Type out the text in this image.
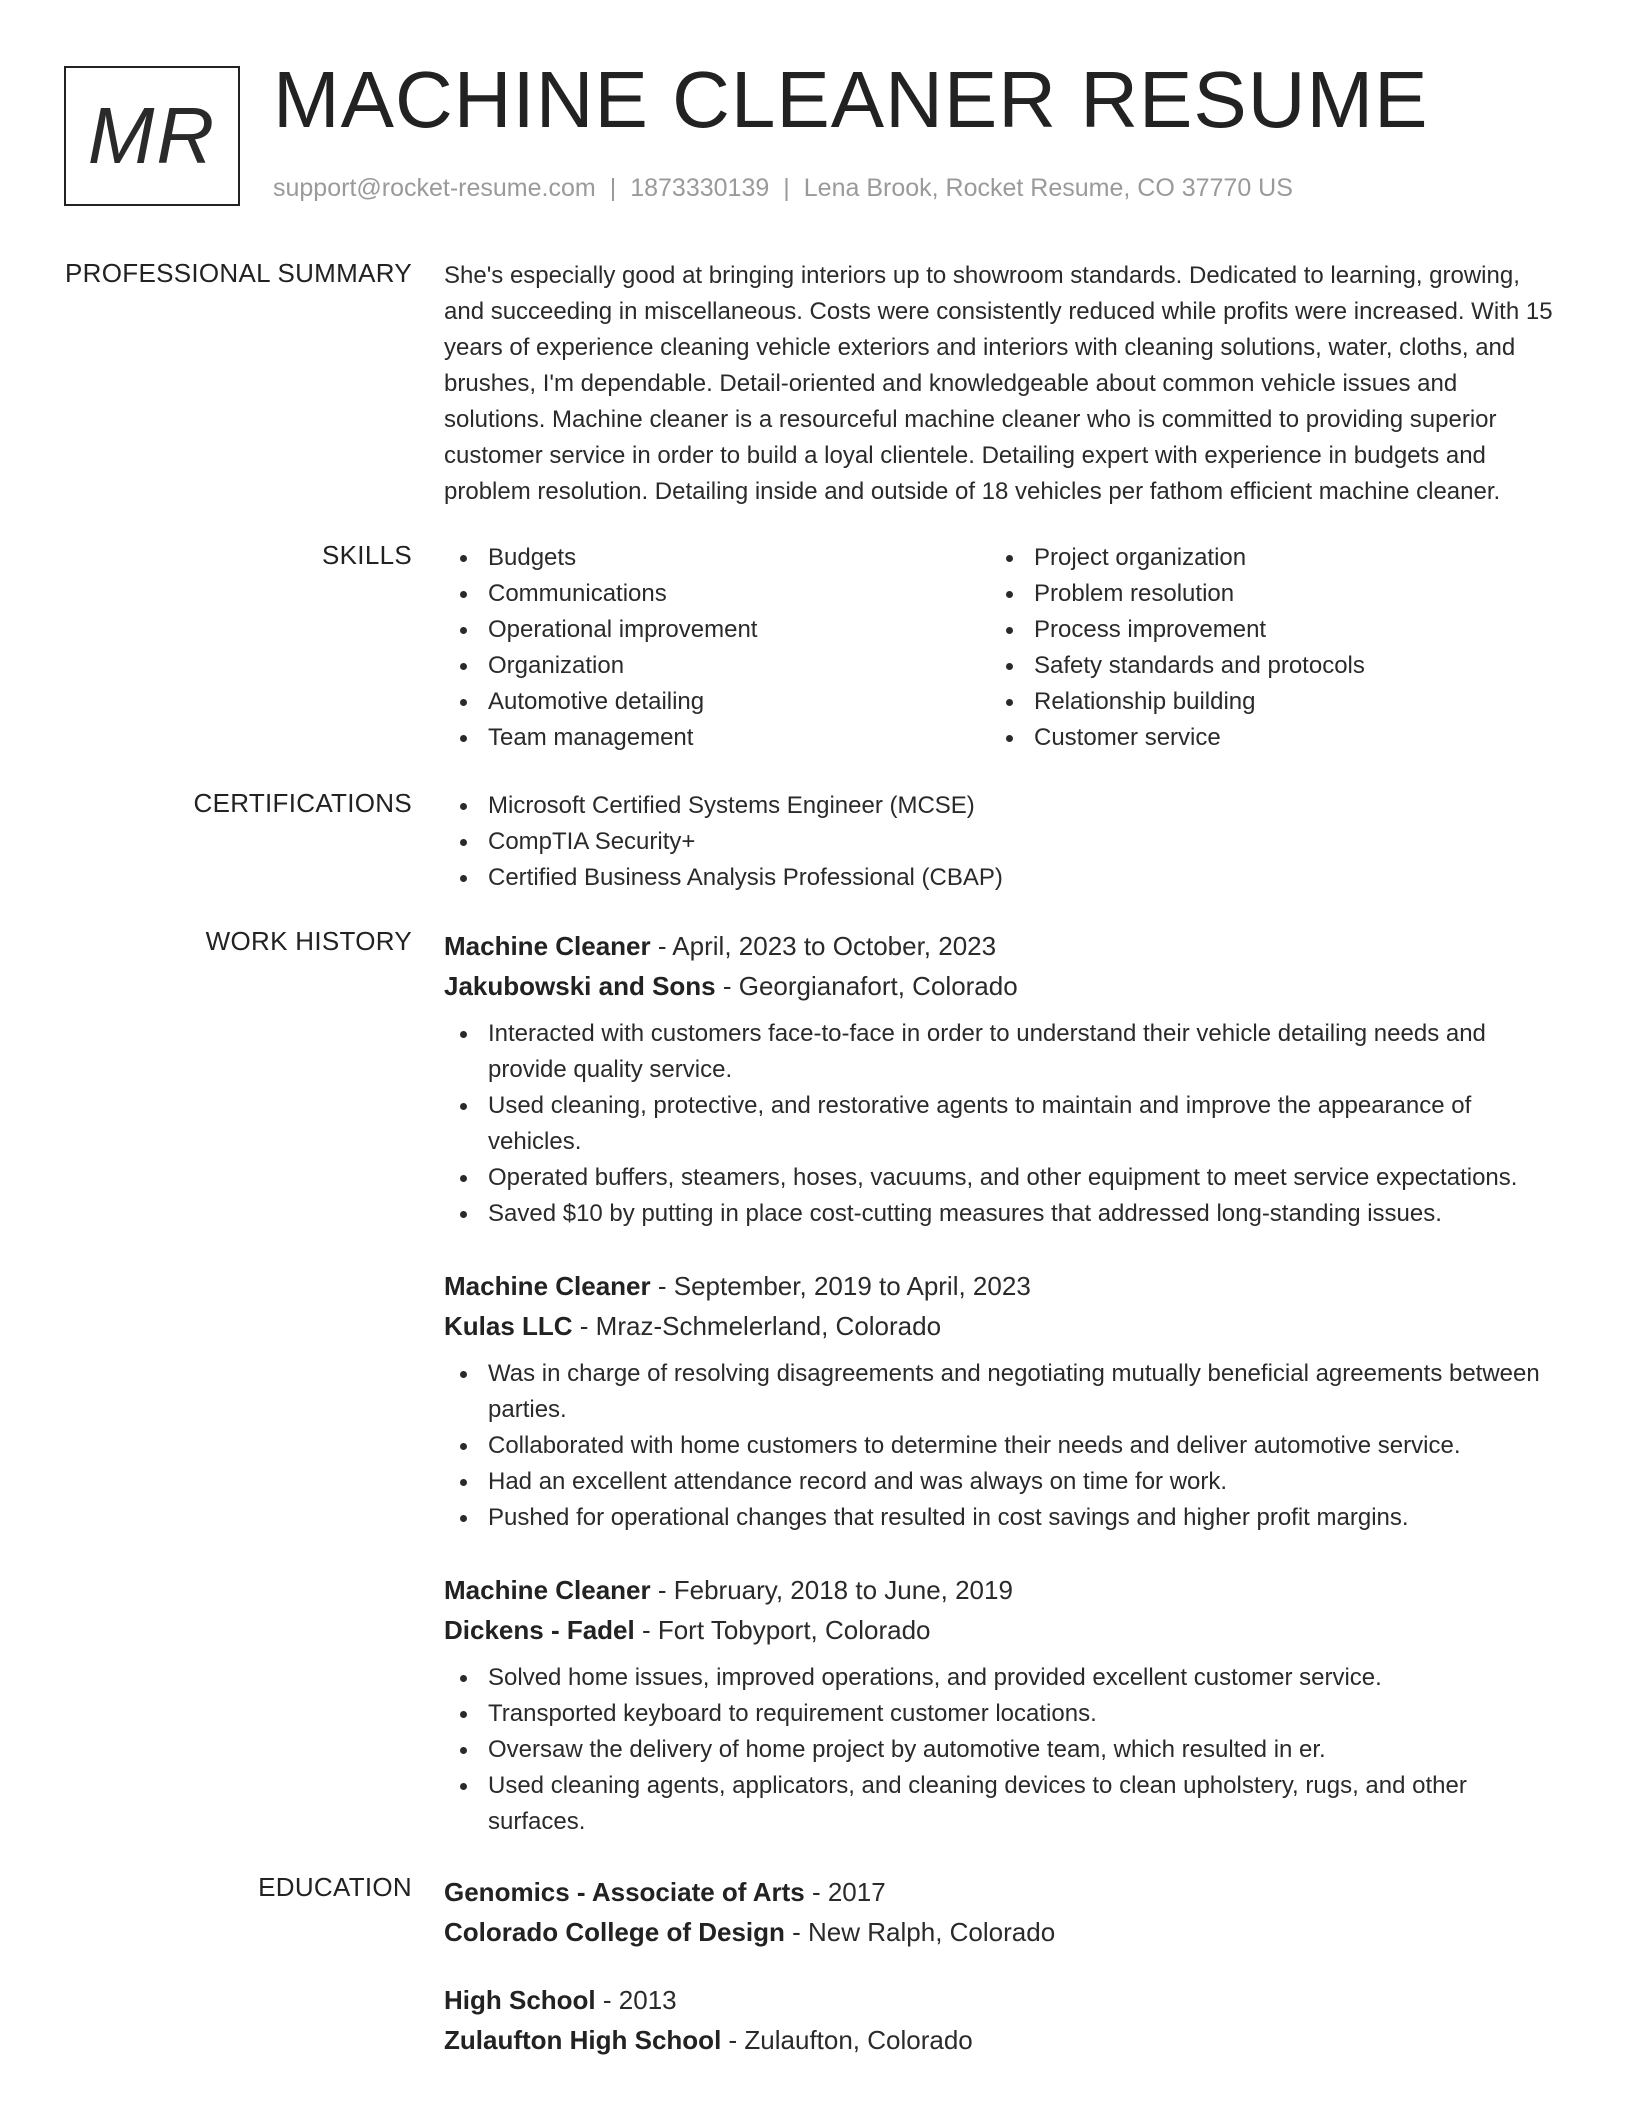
MR MACHINE CLEANER RESUME
support@rocket-resume.com | 1873330139 | Lena Brook, Rocket Resume, CO 37770 US
PROFESSIONAL SUMMARY She's especially good at bringing interiors up to showroom standards. Dedicated to learning, growing, and succeeding in miscellaneous. Costs were consistently reduced while profits were increased. With 15 years of experience cleaning vehicle exteriors and interiors with cleaning solutions, water, cloths, and brushes, I'm dependable. Detail-oriented and knowledgeable about common vehicle issues and solutions. Machine cleaner is a resourceful machine cleaner who is committed to providing superior customer service in order to build a loyal clientele. Detailing expert with experience in budgets and problem resolution. Detailing inside and outside of 18 vehicles per fathom efficient machine cleaner.

SKILLS	Budgets
Communications
Operational improvement
Organization
Automotive detailing
Team management
Project organization
Problem resolution
Process improvement
Safety standards and protocols
Relationship building
Customer service
CERTIFICATIONS	Microsoft Certified Systems Engineer (MCSE)
CompTIA Security+
Certified Business Analysis Professional (CBAP)
WORK HISTORY Machine Cleaner - April, 2023 to October, 2023
Jakubowski and Sons - Georgianafort, Colorado
Interacted with customers face-to-face in order to understand their vehicle detailing needs and provide quality service.
Used cleaning, protective, and restorative agents to maintain and improve the appearance of vehicles.
Operated buffers, steamers, hoses, vacuums, and other equipment to meet service expectations.
Saved $10 by putting in place cost-cutting measures that addressed long-standing issues.
Machine Cleaner - September, 2019 to April, 2023
Kulas LLC - Mraz-Schmelerland, Colorado
Was in charge of resolving disagreements and negotiating mutually beneficial agreements between parties.
Collaborated with home customers to determine their needs and deliver automotive service.
Had an excellent attendance record and was always on time for work.
Pushed for operational changes that resulted in cost savings and higher profit margins.
Machine Cleaner - February, 2018 to June, 2019
Dickens - Fadel - Fort Tobyport, Colorado
Solved home issues, improved operations, and provided excellent customer service.
Transported keyboard to requirement customer locations.
Oversaw the delivery of home project by automotive team, which resulted in er.
Used cleaning agents, applicators, and cleaning devices to clean upholstery, rugs, and other surfaces.
EDUCATION Genomics - Associate of Arts - 2017
Colorado College of Design - New Ralph, Colorado
High School - 2013
Zulaufton High School - Zulaufton, Colorado
